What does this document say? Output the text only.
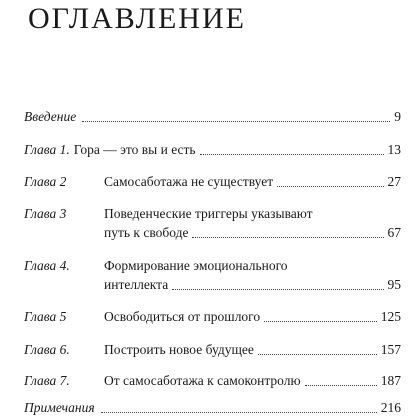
ОГЛАВЛЕНИЕ
Введение	9
Глава 1. Гора — это вы и есть	13
Глава 2	Самосаботажа не существует	27
Глава 3	Поведенческие триггеры указывают
путь к свободе	67
Глава 4.	Формирование эмоционального
интеллекта	95
Глава 5	Освободиться от прошлого	125
Глава 6.	Построить новое будущее	157
Глава 7.	От самосаботажа к самоконтролю	187
Примечания	216
